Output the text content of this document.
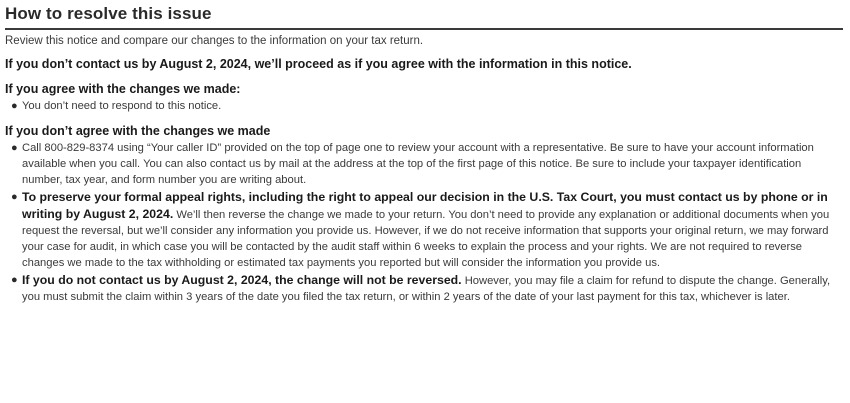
How to resolve this issue
Review this notice and compare our changes to the information on your tax return.
If you don’t contact us by August 2, 2024, we’ll proceed as if you agree with the information in this notice.
If you agree with the changes we made:
● You don’t need to respond to this notice.
If you don’t agree with the changes we made
● Call 800-829-8374 using “Your caller ID” provided on the top of page one to review your account with a representative. Be sure to have your account information available when you call. You can also contact us by mail at the address at the top of the first page of this notice. Be sure to include your taxpayer identification number, tax year, and form number you are writing about.
● To preserve your formal appeal rights, including the right to appeal our decision in the U.S. Tax Court, you must contact us by phone or in writing by August 2, 2024. We’ll then reverse the change we made to your return. You don’t need to provide any explanation or additional documents when you request the reversal, but we’ll consider any information you provide us. However, if we do not receive information that supports your original return, we may forward your case for audit, in which case you will be contacted by the audit staff within 6 weeks to explain the process and your rights. We are not required to reverse changes we made to the tax withholding or estimated tax payments you reported but will consider the information you provide us.
● If you do not contact us by August 2, 2024, the change will not be reversed. However, you may file a claim for refund to dispute the change. Generally, you must submit the claim within 3 years of the date you filed the tax return, or within 2 years of the date of your last payment for this tax, whichever is later.
